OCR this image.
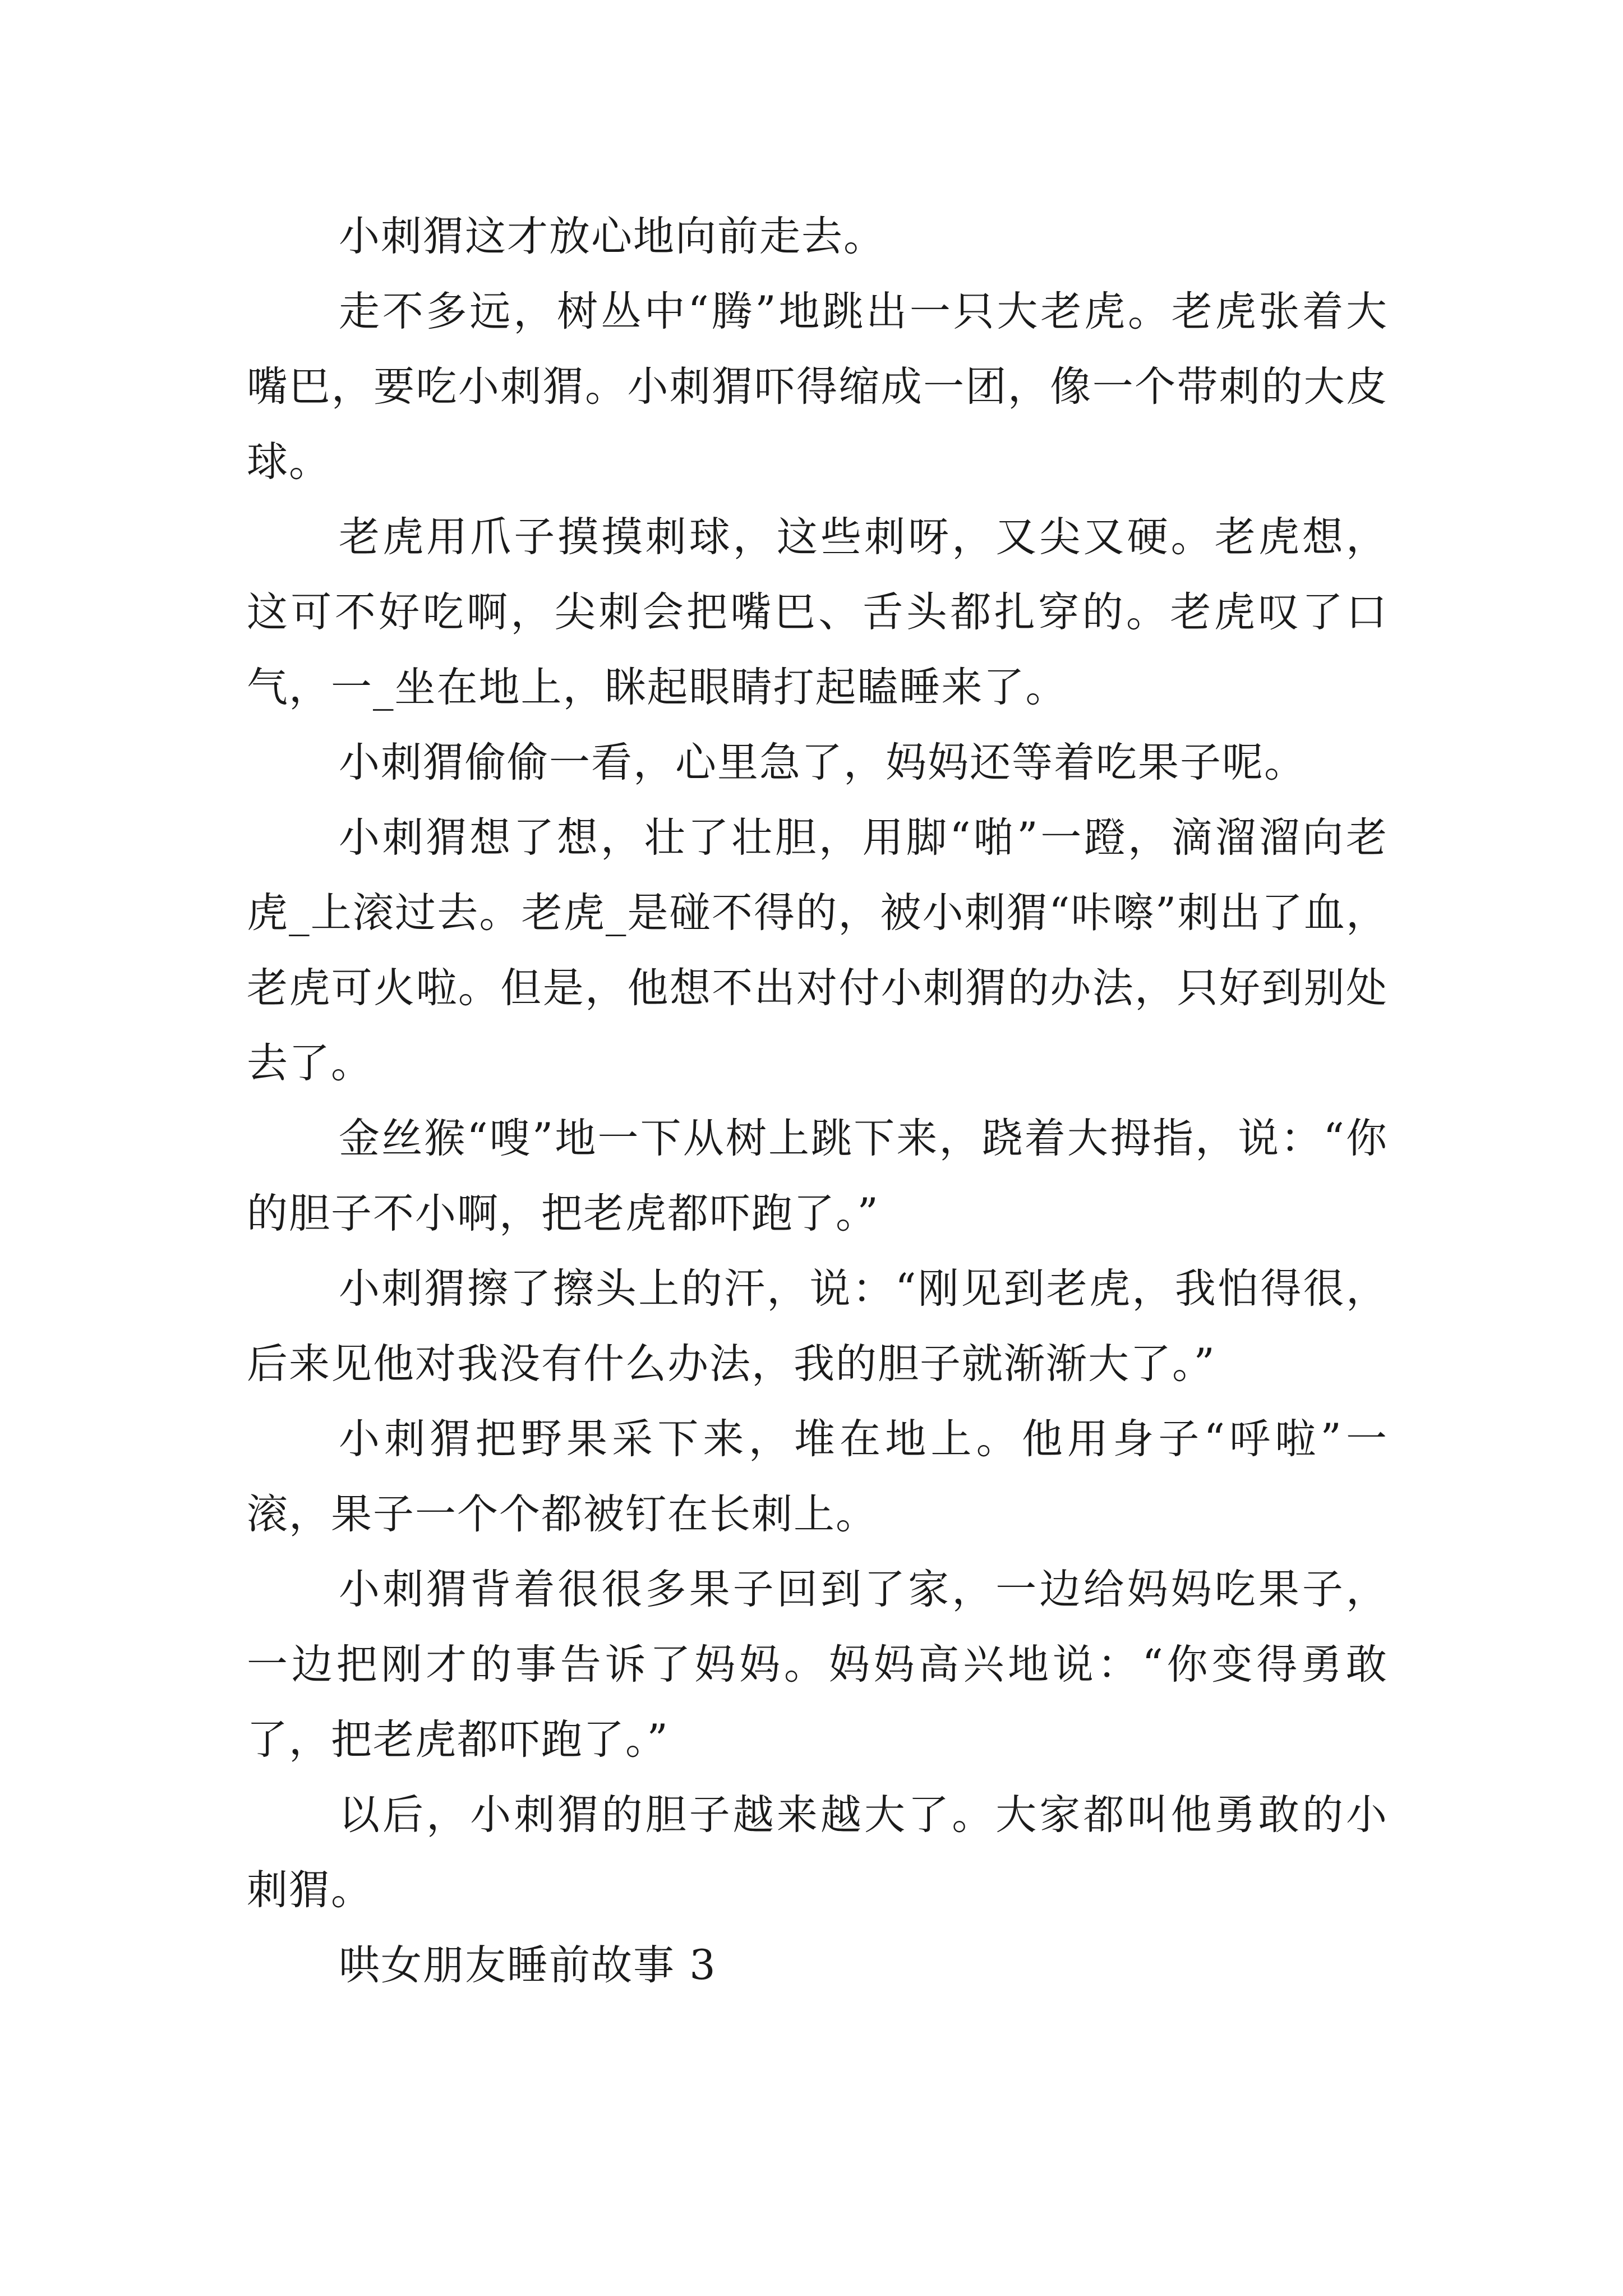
小刺猬这才放心地向前走去。

走不多远，树丛中“腾”地跳出一只大老虎。老虎张着大嘴巴，要吃小刺猬。小刺猬吓得缩成一团，像一个带刺的大皮球。

老虎用爪子摸摸刺球，这些刺呀，又尖又硬。老虎想，这可不好吃啊，尖刺会把嘴巴、舌头都扎穿的。老虎叹了口气，一_坐在地上，眯起眼睛打起瞌睡来了。

小刺猬偷偷一看，心里急了，妈妈还等着吃果子呢。

小刺猬想了想，壮了壮胆，用脚“啪”一蹬，滴溜溜向老虎_上滚过去。老虎_是碰不得的，被小刺猬“咔嚓”刺出了血，老虎可火啦。但是，他想不出对付小刺猬的办法，只好到别处去了。

金丝猴“嗖”地一下从树上跳下来，跷着大拇指，说：“你的胆子不小啊，把老虎都吓跑了。”

小刺猬擦了擦头上的汗，说：“刚见到老虎，我怕得很，后来见他对我没有什么办法，我的胆子就渐渐大了。”

小刺猬把野果采下来，堆在地上。他用身子“呼啦”一滚，果子一个个都被钉在长刺上。

小刺猬背着很很多果子回到了家，一边给妈妈吃果子，一边把刚才的事告诉了妈妈。妈妈高兴地说：“你变得勇敢了，把老虎都吓跑了。”

以后，小刺猬的胆子越来越大了。大家都叫他勇敢的小刺猬。

哄女朋友睡前故事 3
